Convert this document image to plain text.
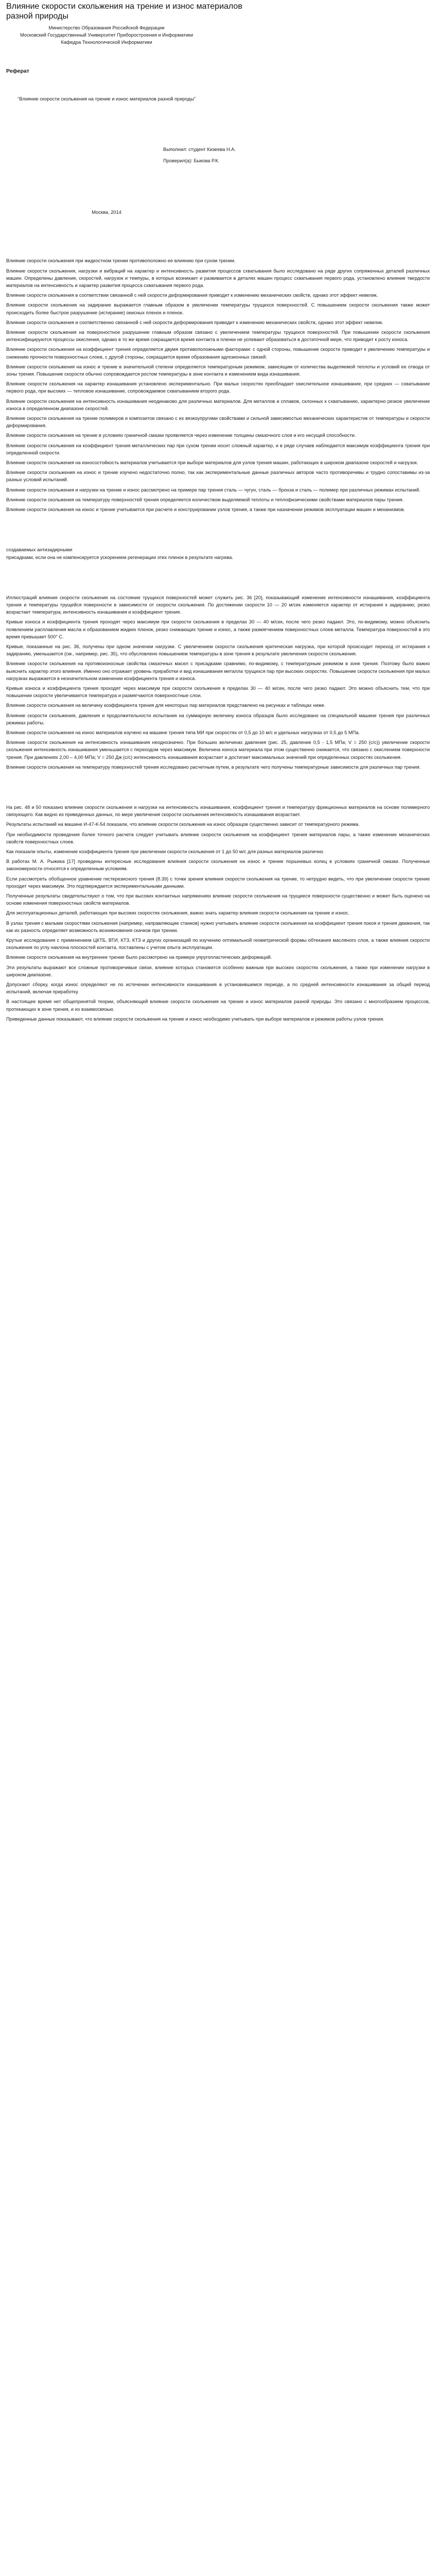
Влияние скорости скольжения на трение и износ материалов разной природы
Министерство Образования Российской Федерации
Московский Государственный Университет Приборостроения и Информатики
Кафедра Технологической Информатики
Реферат
"Влияние скорости скольжения на трение и износ материалов разной природы"
Выполнил: студент Кизеева Н.А.
Проверил(а): Быкова Р.К.
Москва, 2014

Влияние скорости скольжения при жидкостном трении противоположно ее влиянию при сухом трении.

Влияние скорости скольжения, нагрузки и вибраций на характер и интенсивность развития процессов схватывания было исследовано на ряде других сопряженных деталей различных машин. Определены давления, скоростей, нагрузок и темпуры, в которых возникает и развивается в деталях машин процесс схватывания первого рода, установлено влияние твердости материалов на интенсивность и характер развития процесса схватывания первого рода.

Влияние скорости скольжения в соответствии связанной с ней скорости деформирования приводит к изменению механических свойств, однако этот эффект невелик.

Влияние скорости скольжения на задирание выражается главным образом в увеличении температуры трущихся поверхностей. С повышением скорости скольжения также может происходить более быстрое разрушение (истирание) окисных пленок и пленок.

Влияние скорости скольжения и соответственно связанной с ней скорости деформирования приводит к изменению механических свойств, однако этот эффект невелик.

Влияние скорости скольжения на поверхностное разрушение главным образом связано с увеличением температуры трущихся поверхностей. При повышении скорости скольжения интенсифицируются процессы окисления, однако в то же время сокращается время контакта и пленки не успевают образоваться в достаточной мере, что приводит к росту износа.

Влияние скорости скольжения на коэффициент трения определяется двумя противоположными факторами: с одной стороны, повышение скорости приводит к увеличению температуры и снижению прочности поверхностных слоев, с другой стороны, сокращается время образования адгезионных связей.

Влияние скорости скольжения на износ и трение в значительной степени определяется температурным режимом, зависящим от количества выделяемой теплоты и условий ее отвода от зоны трения. Повышение скорости обычно сопровождается ростом температуры в зоне контакта и изменением вида изнашивания.

Влияние скорости скольжения на характер изнашивания установлено экспериментально. При малых скоростях преобладает окислительное изнашивание, при средних — схватывание первого рода, при высоких — тепловое изнашивание, сопровождаемое схватыванием второго рода.

Влияние скорости скольжения на интенсивность изнашивания неодинаково для различных материалов. Для металлов и сплавов, склонных к схватыванию, характерно резкое увеличение износа в определенном диапазоне скоростей.

Влияние скорости скольжения на трение полимеров и композитов связано с их вязкоупругими свойствами и сильной зависимостью механических характеристик от температуры и скорости деформирования.

Влияние скорости скольжения на трение в условиях граничной смазки проявляется через изменение толщины смазочного слоя и его несущей способности.

Влияние скорости скольжения на коэффициент трения металлических пар при сухом трении носит сложный характер, и в ряде случаев наблюдается максимум коэффициента трения при определенной скорости.

Влияние скорости скольжения на износостойкость материалов учитывается при выборе материалов для узлов трения машин, работающих в широком диапазоне скоростей и нагрузок.

Влияние скорости скольжения на износ и трение изучено недостаточно полно, так как экспериментальные данные различных авторов часто противоречивы и трудно сопоставимы из-за разных условий испытаний.

Влияние скорости скольжения и нагрузки на трение и износ рассмотрено на примере пар трения сталь — чугун, сталь — бронза и сталь — полимер при различных режимах испытаний.

Влияние скорости скольжения на температуру поверхностей трения определяется количеством выделяемой теплоты и теплофизическими свойствами материалов пары трения.

Влияние скорости скольжения на износ и трение учитывается при расчете и конструировании узлов трения, а также при назначении режимов эксплуатации машин и механизмов.

создаваемых антизадирными

присадками, если она не компенсируется ускорением регенерации этих пленок в результате нагрева.

Иллюстраций влияния скорости скольжения на состояние трущихся поверхностей может служить рис. 36 [20], показывающий изменение интенсивности изнашивания, коэффициента трения и температуры трущейся поверхности в зависимости от скорости скольжения. По достижении скорости 10 — 20 м/сек изменяется характер от истирания к задиранию; резко возрастает температура, интенсивность изнашивания и коэффициент трения.

Кривые износа и коэффициента трения проходят через максимум при скорости скольжения в пределах 30 — 40 м/сек, после чего резко падают. Это, по-видимому, можно объяснить появлением расплавления масла и образованием жидких пленок, резко снижающих трение и износ, а также размягчением поверхностных слоев металла. Температура поверхностей в это время превышает 500° С.

Кривые, показанные на рис. 36, получены при одном значении нагрузки. С увеличением скорости скольжения критическая нагрузка, при которой происходит переход от истирания к задиранию, уменьшается (см., например, рис. 35), что обусловлено повышением температуры в зоне трения в результате увеличения скорости скольжения.

Влияние скорости скольжения на противоизносные свойства смазочных масел с присадками сравнимо, по-видимому, с температурным режимом в зоне трения. Поэтому было важно выяснить характер этого влияния. Именно оно отражает уровень приработки и вид изнашивания металла трущихся пар при высоких скоростях. Повышение скорости скольжения при малых нагрузках выражается в незначительном изменении коэффициента трения и износа.

Кривые износа и коэффициента трения проходят через максимум при скорости скольжения в пределах 30 — 40 м/сек, после чего резко падают. Это можно объяснить тем, что при повышении скорости увеличивается температура и размягчаются поверхностные слои.

Влияние скорости скольжения на величину коэффициента трения для некоторых пар материалов представлено на рисунках и таблицах ниже.

Влияние скорости скольжения, давления и продолжительности испытания на суммарную величину износа образцов было исследовано на специальной машине трения при различных режимах работы.

Влияние скорости скольжения на износ материалов изучено на машине трения типа МИ при скоростях от 0,5 до 10 м/с и удельных нагрузках от 0,5 до 5 МПа.

Влияние скорости скольжения на интенсивность изнашивания неоднозначно. При больших величинах давления (рис. 25, давление 0,5 - 1,5 МПа; V = 250 (с/с)) увеличение скорости скольжения интенсивность изнашивания уменьшается с переходом через максимум. Величина износа материала при этом существенно снижается, что связано с окислением поверхности трения. При давлениях 2,00 – 4,00 МПа; V = 250 Дж (с/с) интенсивность изнашивания возрастает и достигает максимальных значений при определенных скоростях скольжения.

Влияние скорости скольжения на температуру поверхностей трения исследовано расчетным путем, в результате чего получены температурные зависимости для различных пар трения.

На рис. 48 и 50 показано влияние скорости скольжения и нагрузки на интенсивность изнашивания, коэффициент трения и температуру фрикционных материалов на основе полимерного связующего. Как видно из приведенных данных, по мере увеличения скорости скольжения интенсивность изнашивания возрастает.

Результаты испытаний на машине И-47-К-54 показали, что влияние скорости скольжения на износ образцов существенно зависит от температурного режима.

При необходимости проведения более точного расчета следует учитывать влияние скорости скольжения на коэффициент трения материалов пары, а также изменение механических свойств поверхностных слоев.

Как показали опыты, изменение коэффициента трения при увеличении скорости скольжения от 1 до 50 м/с для разных материалов различно.

В работах М. А. Рыжика [17] проведены интересные исследования влияния скорости скольжения на износ и трение поршневых колец в условиях граничной смазки. Полученные закономерности относятся к определенным условиям.

Если рассмотреть обобщенное уравнение гистерезисного трения (8.39) с точки зрения влияния скорости скольжения на трение, то нетрудно видеть, что при увеличении скорости трение проходит через максимум. Это подтверждается экспериментальными данными.

Полученные результаты свидетельствуют о том, что при высоких контактных напряжениях влияние скорости скольжения на трущиеся поверхности существенно и может быть оценено на основе изменения поверхностных свойств материалов.

Для эксплуатационных деталей, работающих при высоких скоростях скольжения, важно знать характер влияния скорости скольжения на трение и износ.

В узлах трения с малыми скоростями скольжения (например, направляющие станков) нужно учитывать влияние скорости скольжения на коэффициент трения покоя и трения движения, так как их разность определяет возможность возникновения скачков при трении.

Крутые исследования с применением ЦКТБ, ВТИ, КТЗ, КТЗ и других организаций по изучению оптимальной геометрической формы обтекания масляного слоя, а также влияния скорости скольжения по углу наклона плоскостей контакта, поставлены с учетом опыта эксплуатации.

Влияние скорости скольжения на внутреннее трение было рассмотрено на примере упругопластических деформаций.

Эти результаты выражают все сложные противоречивые связи, влияние которых становится особенно важным при высоких скоростях скольжения, а также при изменении нагрузки в широком диапазоне.

Допускают сборку, когда износ определяют не по истечении интенсивности изнашивания в установившемся периоде, а по средней интенсивности изнашивания за общий период испытаний, включая приработку.

В настоящее время нет общепринятой теории, объясняющей влияние скорости скольжения на трение и износ материалов разной природы. Это связано с многообразием процессов, протекающих в зоне трения, и их взаимосвязью.

Приведенные данные показывают, что влияние скорости скольжения на трение и износ необходимо учитывать при выборе материалов и режимов работы узлов трения.
